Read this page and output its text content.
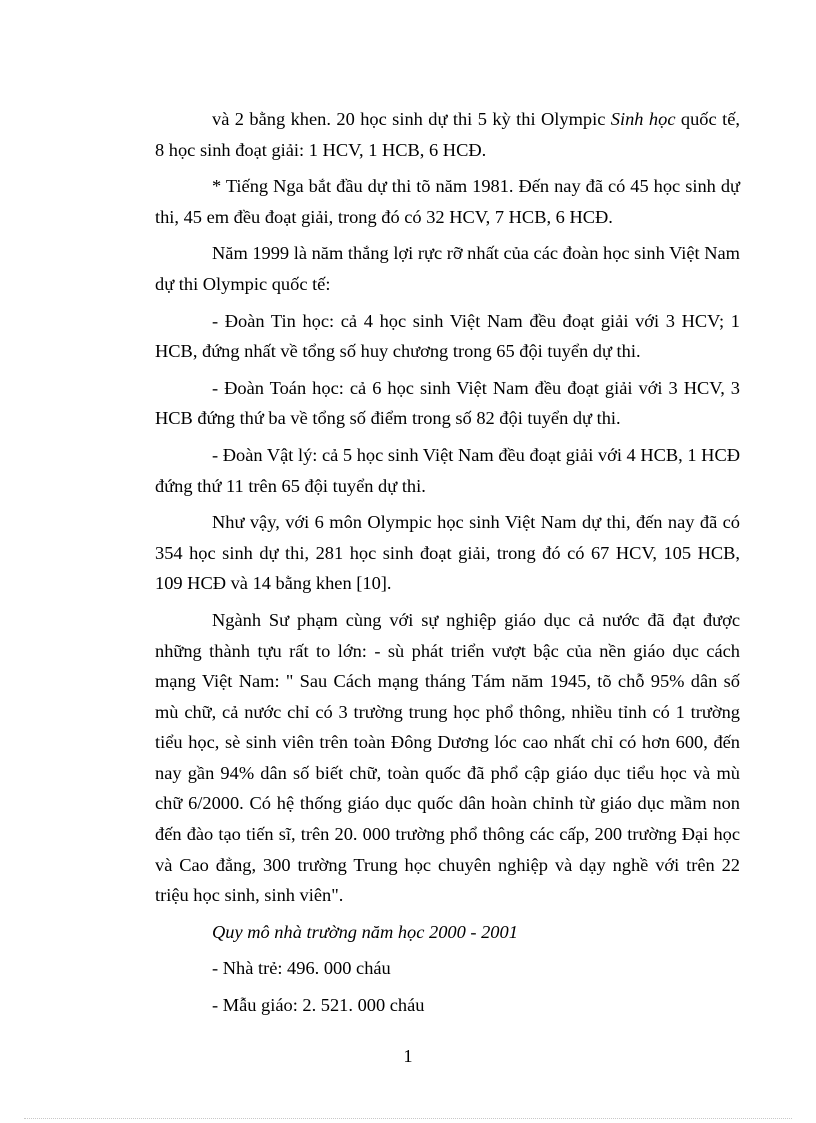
và 2 bằng khen. 20 học sinh dự thi 5 kỳ thi Olympic Sinh học quốc tế, 8 học sinh đoạt giải: 1 HCV, 1 HCB, 6 HCĐ.

* Tiếng Nga bắt đầu dự thi tõ năm 1981. Đến nay đã có 45 học sinh dự thi, 45 em đều đoạt giải, trong đó có 32 HCV, 7 HCB, 6 HCĐ.

Năm 1999 là năm thắng lợi rực rỡ nhất của các đoàn học sinh Việt Nam dự thi Olympic quốc tế:

- Đoàn Tin học: cả 4 học sinh Việt Nam đều đoạt giải với 3 HCV; 1 HCB, đứng nhất về tổng số huy chương trong 65 đội tuyển dự thi.

- Đoàn Toán học: cả 6 học sinh Việt Nam đều đoạt giải với 3 HCV, 3 HCB đứng thứ ba về tổng số điểm trong số 82 đội tuyển dự thi.

- Đoàn Vật lý: cả 5 học sinh Việt Nam đều đoạt giải với 4 HCB, 1 HCĐ đứng thứ 11 trên 65 đội tuyển dự thi.

Như vậy, với 6 môn Olympic học sinh Việt Nam dự thi, đến nay đã có 354 học sinh dự thi, 281 học sinh đoạt giải, trong đó có 67 HCV, 105 HCB, 109 HCĐ và 14 bằng khen [10].

Ngành Sư phạm cùng với sự nghiệp giáo dục cả nước đã đạt được những thành tựu rất to lớn: - sù phát triển vượt bậc của nền giáo dục cách mạng Việt Nam: " Sau Cách mạng tháng Tám năm 1945, tõ chỗ 95% dân số mù chữ, cả nước chỉ có 3 trường trung học phổ thông, nhiều tỉnh có 1 trường tiểu học, sè sinh viên trên toàn Đông Dương lóc cao nhất chỉ có hơn 600, đến nay gần 94% dân số biết chữ, toàn quốc đã phổ cập giáo dục tiểu học và mù chữ 6/2000. Có hệ thống giáo dục quốc dân hoàn chỉnh từ giáo dục mầm non đến đào tạo tiến sĩ, trên 20. 000 trường phổ thông các cấp, 200 trường Đại học và Cao đẳng, 300 trường Trung học chuyên nghiệp và dạy nghề với trên 22 triệu học sinh, sinh viên".

Quy mô nhà trường năm học 2000 - 2001

- Nhà trẻ: 496. 000 cháu

- Mẫu giáo: 2. 521. 000 cháu

1
